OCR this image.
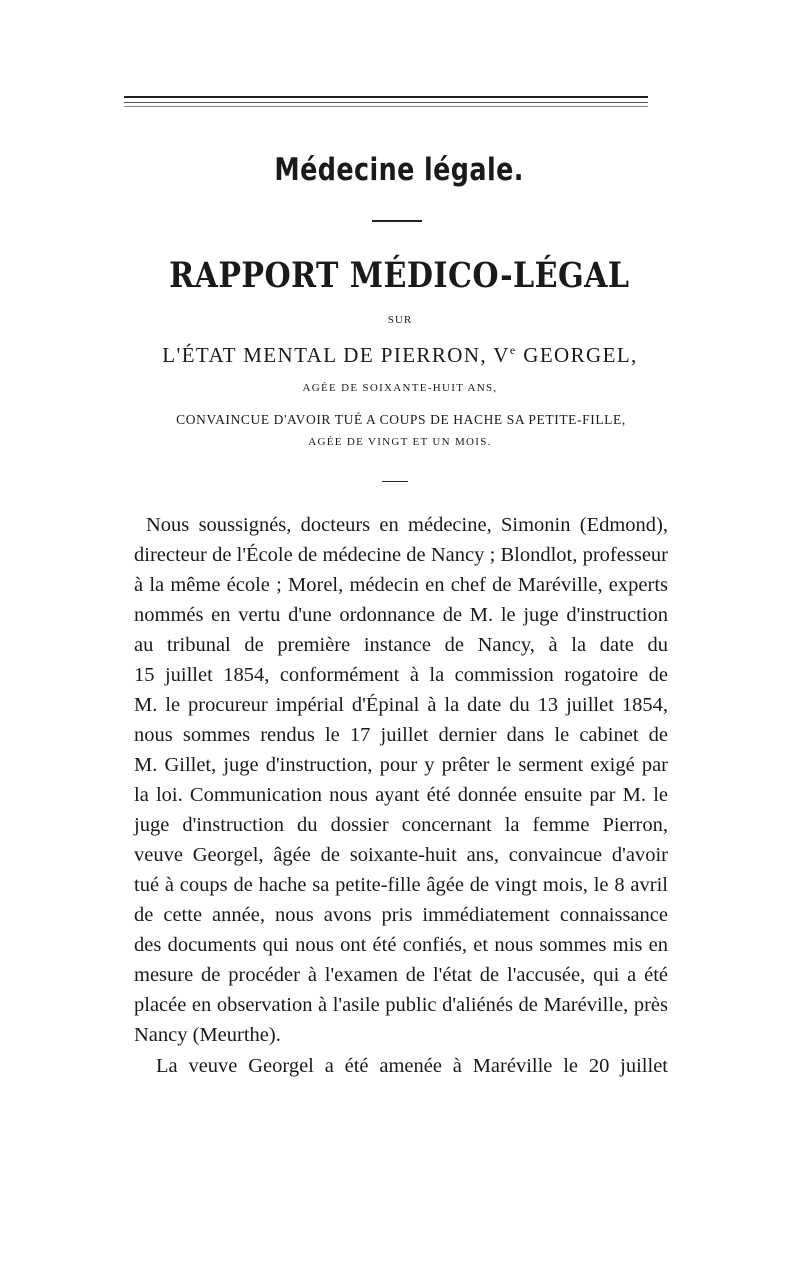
Médecine légale.
RAPPORT MÉDICO-LÉGAL
SUR
L'ÉTAT MENTAL DE PIERRON, Ve GEORGEL,
AGÉE DE SOIXANTE-HUIT ANS,
CONVAINCUE D'AVOIR TUÉ A COUPS DE HACHE SA PETITE-FILLE,
AGÉE DE VINGT ET UN MOIS.
Nous soussignés, docteurs en médecine, Simonin (Edmond),
directeur de l'École de médecine de Nancy ; Blondlot, professeur
à la même école ; Morel, médecin en chef de Maréville, experts
nommés en vertu d'une ordonnance de M. le juge d'instruction
au tribunal de première instance de Nancy, à la date du
15 juillet 1854, conformément à la commission rogatoire de
M. le procureur impérial d'Épinal à la date du 13 juillet 1854,
nous sommes rendus le 17 juillet dernier dans le cabinet de
M. Gillet, juge d'instruction, pour y prêter le serment exigé par
la loi. Communication nous ayant été donnée ensuite par M. le
juge d'instruction du dossier concernant la femme Pierron,
veuve Georgel, âgée de soixante-huit ans, convaincue d'avoir
tué à coups de hache sa petite-fille âgée de vingt mois, le 8 avril
de cette année, nous avons pris immédiatement connaissance
des documents qui nous ont été confiés, et nous sommes mis en
mesure de procéder à l'examen de l'état de l'accusée, qui a été
placée en observation à l'asile public d'aliénés de Maréville, près
Nancy (Meurthe).
La veuve Georgel a été amenée à Maréville le 20 juillet
